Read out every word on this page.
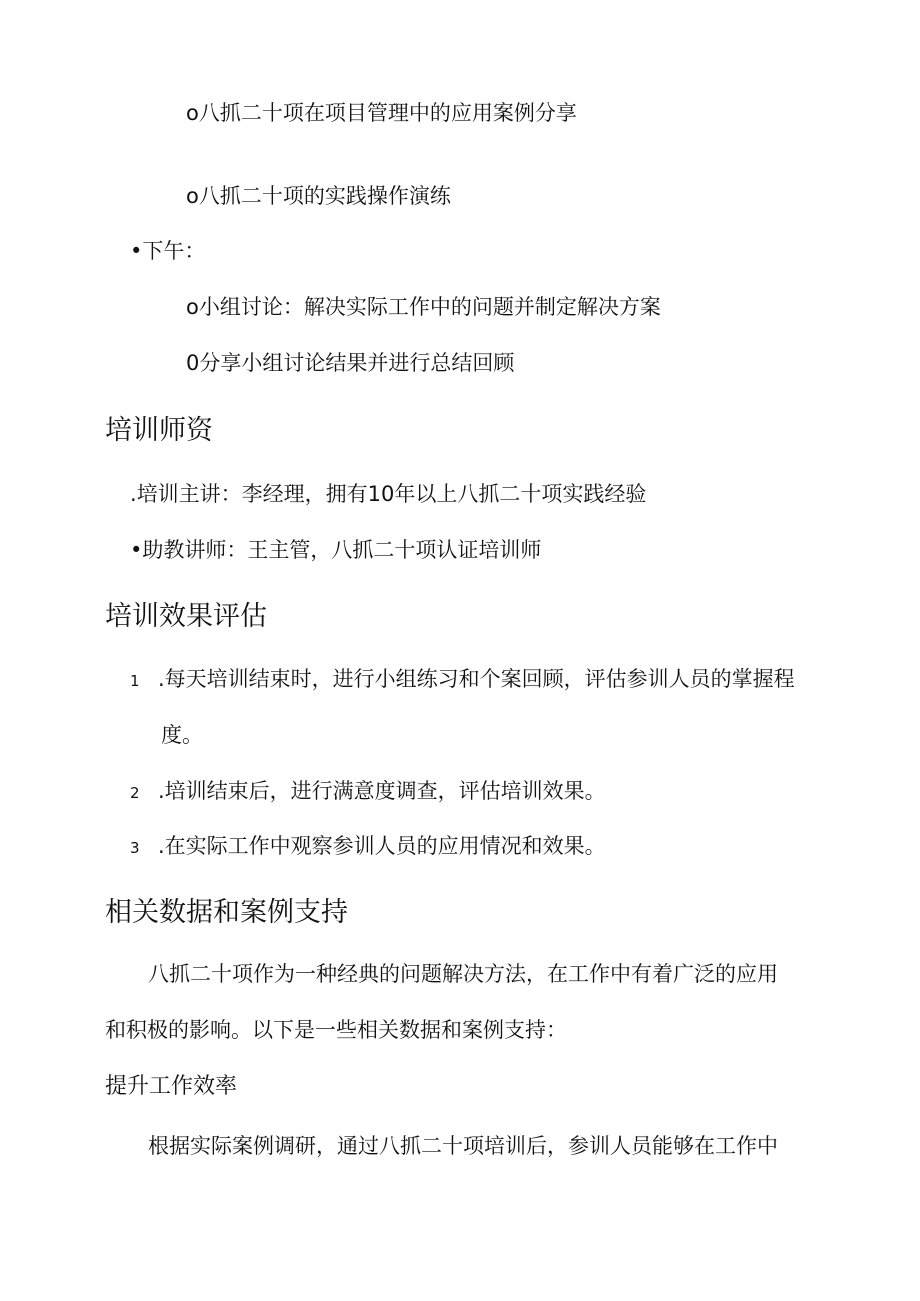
o八抓二十项在项目管理中的应用案例分享
o八抓二十项的实践操作演练
•下午：
o小组讨论：解决实际工作中的问题并制定解决方案
0分享小组讨论结果并进行总结回顾
培训师资
.培训主讲：李经理，拥有10年以上八抓二十项实践经验
•助教讲师：王主管，八抓二十项认证培训师
培训效果评估
1 .每天培训结束时，进行小组练习和个案回顾，评估参训人员的掌握程
度。
2 .培训结束后，进行满意度调查，评估培训效果。
3 .在实际工作中观察参训人员的应用情况和效果。
相关数据和案例支持
八抓二十项作为一种经典的问题解决方法，在工作中有着广泛的应用
和积极的影响。以下是一些相关数据和案例支持：
提升工作效率
根据实际案例调研，通过八抓二十项培训后，参训人员能够在工作中
